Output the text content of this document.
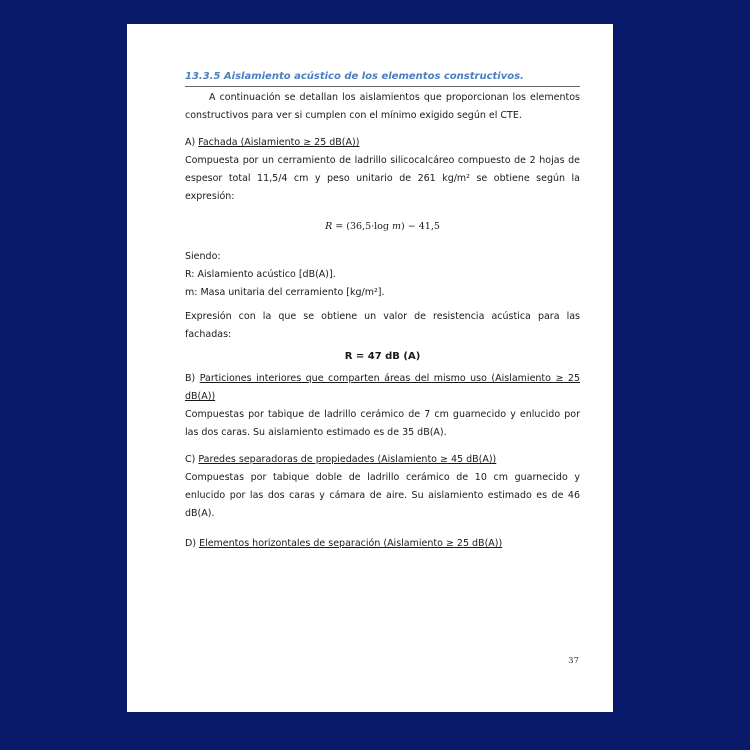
13.3.5 Aislamiento acústico de los elementos constructivos.

A continuación se detallan los aislamientos que proporcionan los elementos constructivos para ver si cumplen con el mínimo exigido según el CTE.

A) Fachada (Aislamiento ≥ 25 dB(A))

Compuesta por un cerramiento de ladrillo silicocalcáreo compuesto de 2 hojas de espesor total 11,5/4 cm y peso unitario de 261 kg/m² se obtiene según la expresión:

R = (36,5·log m) − 41,5

Siendo:

R: Aislamiento acústico [dB(A)].

m: Masa unitaria del cerramiento [kg/m²].

Expresión con la que se obtiene un valor de resistencia acústica para las fachadas:

R = 47 dB (A)

B) Particiones interiores que comparten áreas del mismo uso (Aislamiento ≥ 25 dB(A))

Compuestas por tabique de ladrillo cerámico de 7 cm guarnecido y enlucido por las dos caras. Su aislamiento estimado es de 35 dB(A).

C) Paredes separadoras de propiedades (Aislamiento ≥ 45 dB(A))

Compuestas por tabique doble de ladrillo cerámico de 10 cm guarnecido y enlucido por las dos caras y cámara de aire. Su aislamiento estimado es de 46 dB(A).

D) Elementos horizontales de separación (Aislamiento ≥ 25 dB(A))

37
